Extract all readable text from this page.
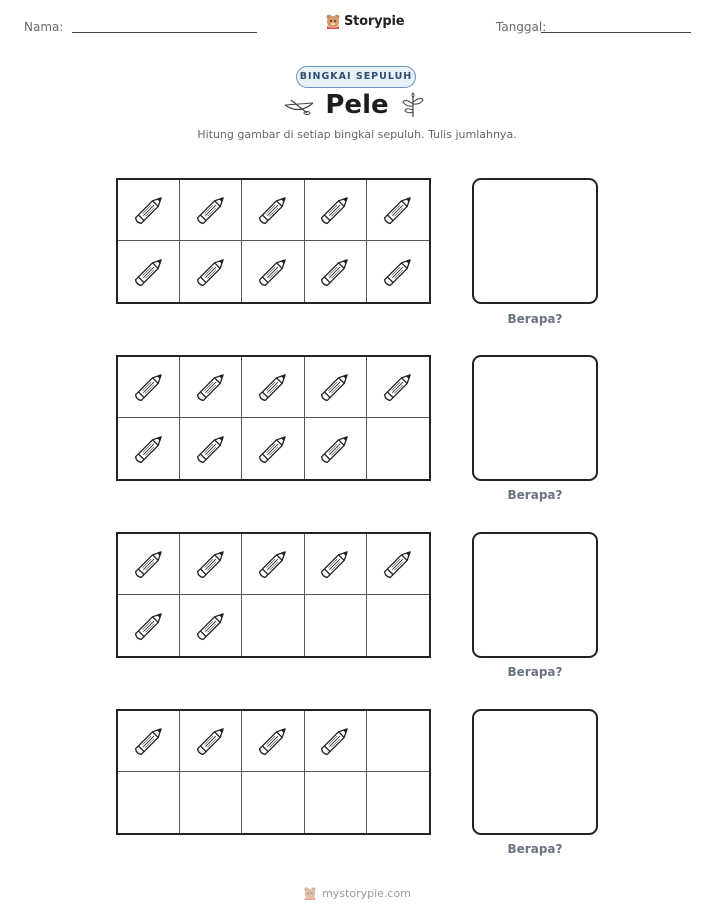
Nama:	Storypie	Tanggal:
BINGKAI SEPULUH
Pele
Hitung gambar di setiap bingkai sepuluh. Tulis jumlahnya.
Berapa?
Berapa?
Berapa?
Berapa?
mystorypie.com
